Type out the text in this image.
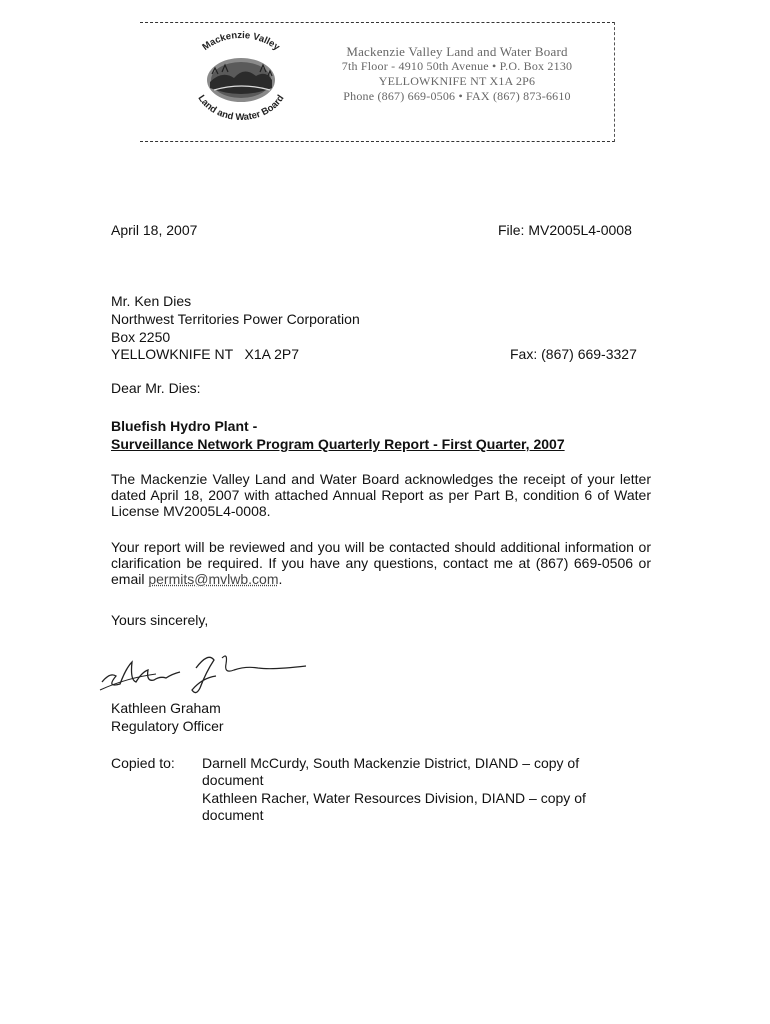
Mackenzie Valley
Land and Water Board
Mackenzie Valley Land and Water Board
7th Floor - 4910 50th Avenue • P.O. Box 2130
YELLOWKNIFE NT X1A 2P6
Phone (867) 669-0506 • FAX (867) 873-6610
April 18, 2007	File: MV2005L4-0008
Mr. Ken Dies
Northwest Territories Power Corporation
Box 2250
YELLOWKNIFE NT   X1A 2P7	Fax: (867) 669-3327
Dear Mr. Dies:
Bluefish Hydro Plant -
Surveillance Network Program Quarterly Report - First Quarter, 2007
The Mackenzie Valley Land and Water Board acknowledges the receipt of your letter dated April 18, 2007 with attached Annual Report as per Part B, condition 6 of Water License MV2005L4-0008.
Your report will be reviewed and you will be contacted should additional information or clarification be required. If you have any questions, contact me at (867) 669-0506 or email permits@mvlwb.com.
Yours sincerely,
Kathleen Graham
Regulatory Officer
Copied to: Darnell McCurdy, South Mackenzie District, DIAND – copy of
document
Kathleen Racher, Water Resources Division, DIAND – copy of
document
